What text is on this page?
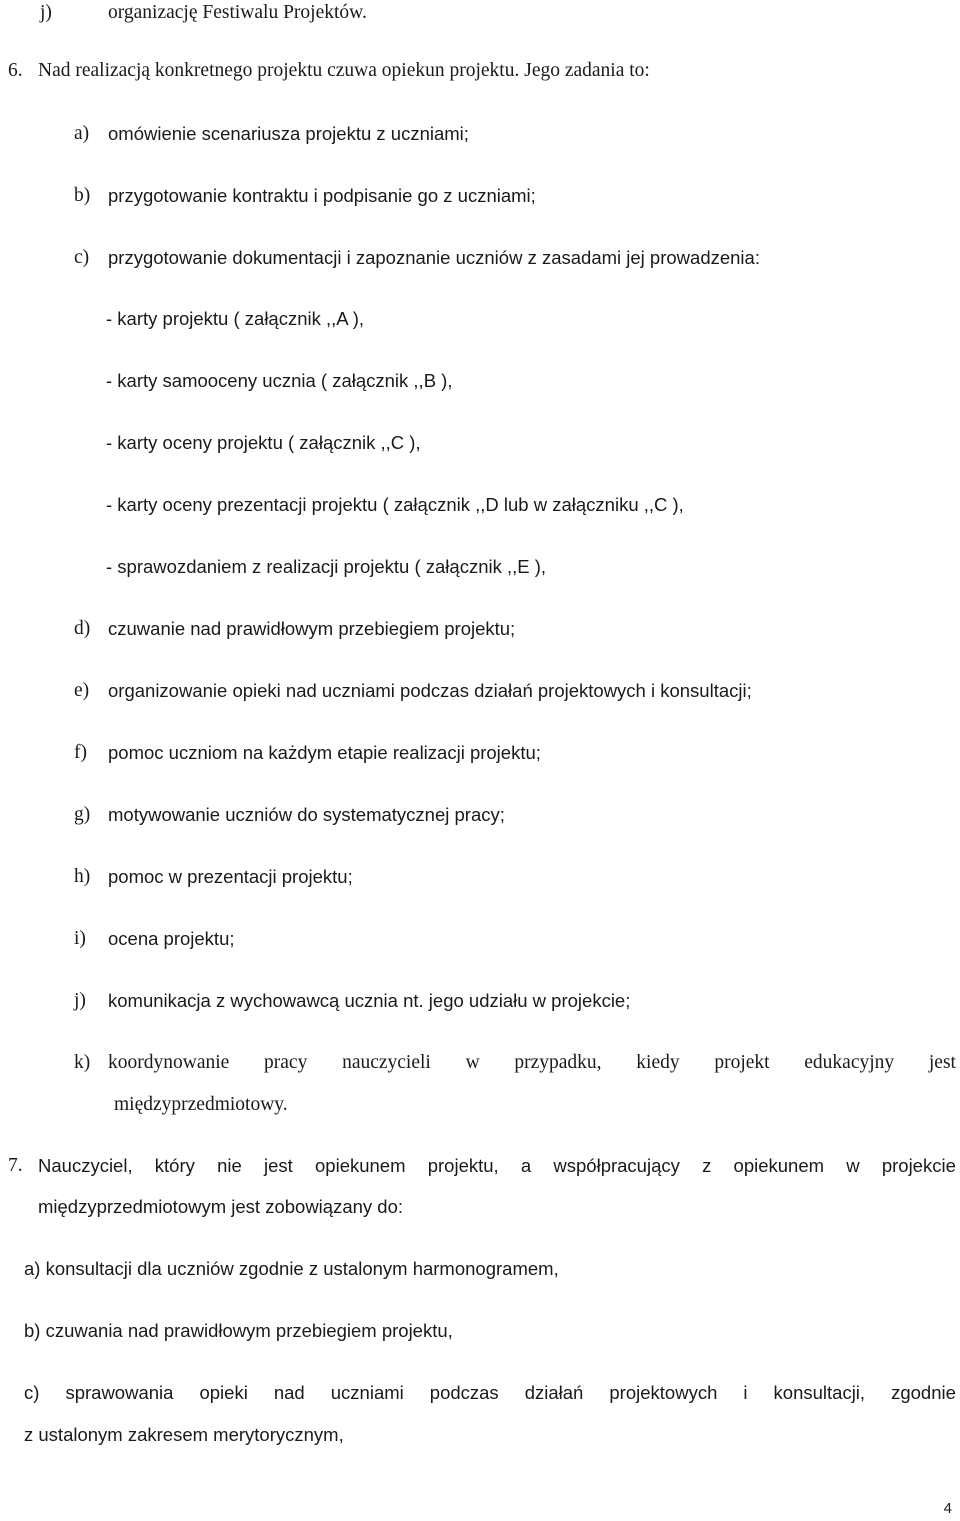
j)	organizację Festiwalu Projektów.
6. Nad realizacją konkretnego projektu czuwa opiekun projektu. Jego zadania to:
a) omówienie scenariusza projektu z uczniami;
b) przygotowanie kontraktu i podpisanie go z uczniami;
c) przygotowanie dokumentacji i zapoznanie uczniów z zasadami jej prowadzenia:
- karty projektu ( załącznik ,,A ),
- karty samooceny ucznia ( załącznik ,,B ),
- karty oceny projektu ( załącznik ,,C ),
- karty oceny prezentacji projektu ( załącznik ,,D lub w załączniku ,,C ),
- sprawozdaniem z realizacji projektu ( załącznik ,,E ),
d) czuwanie nad prawidłowym przebiegiem projektu;
e) organizowanie opieki nad uczniami podczas działań projektowych i konsultacji;
f) pomoc uczniom na każdym etapie realizacji projektu;
g) motywowanie uczniów do systematycznej pracy;
h) pomoc w prezentacji projektu;
i) ocena projektu;
j) komunikacja z wychowawcą ucznia nt. jego udziału w projekcie;
k) koordynowanie pracy nauczycieli w przypadku, kiedy projekt edukacyjny jest
międzyprzedmiotowy.
7. Nauczyciel, który nie jest opiekunem projektu, a współpracujący z opiekunem w projekcie
międzyprzedmiotowym jest zobowiązany do:
a) konsultacji dla uczniów zgodnie z ustalonym harmonogramem,
b) czuwania nad prawidłowym przebiegiem projektu,
c) sprawowania opieki nad uczniami podczas działań projektowych i konsultacji, zgodnie
z ustalonym zakresem merytorycznym,
4
